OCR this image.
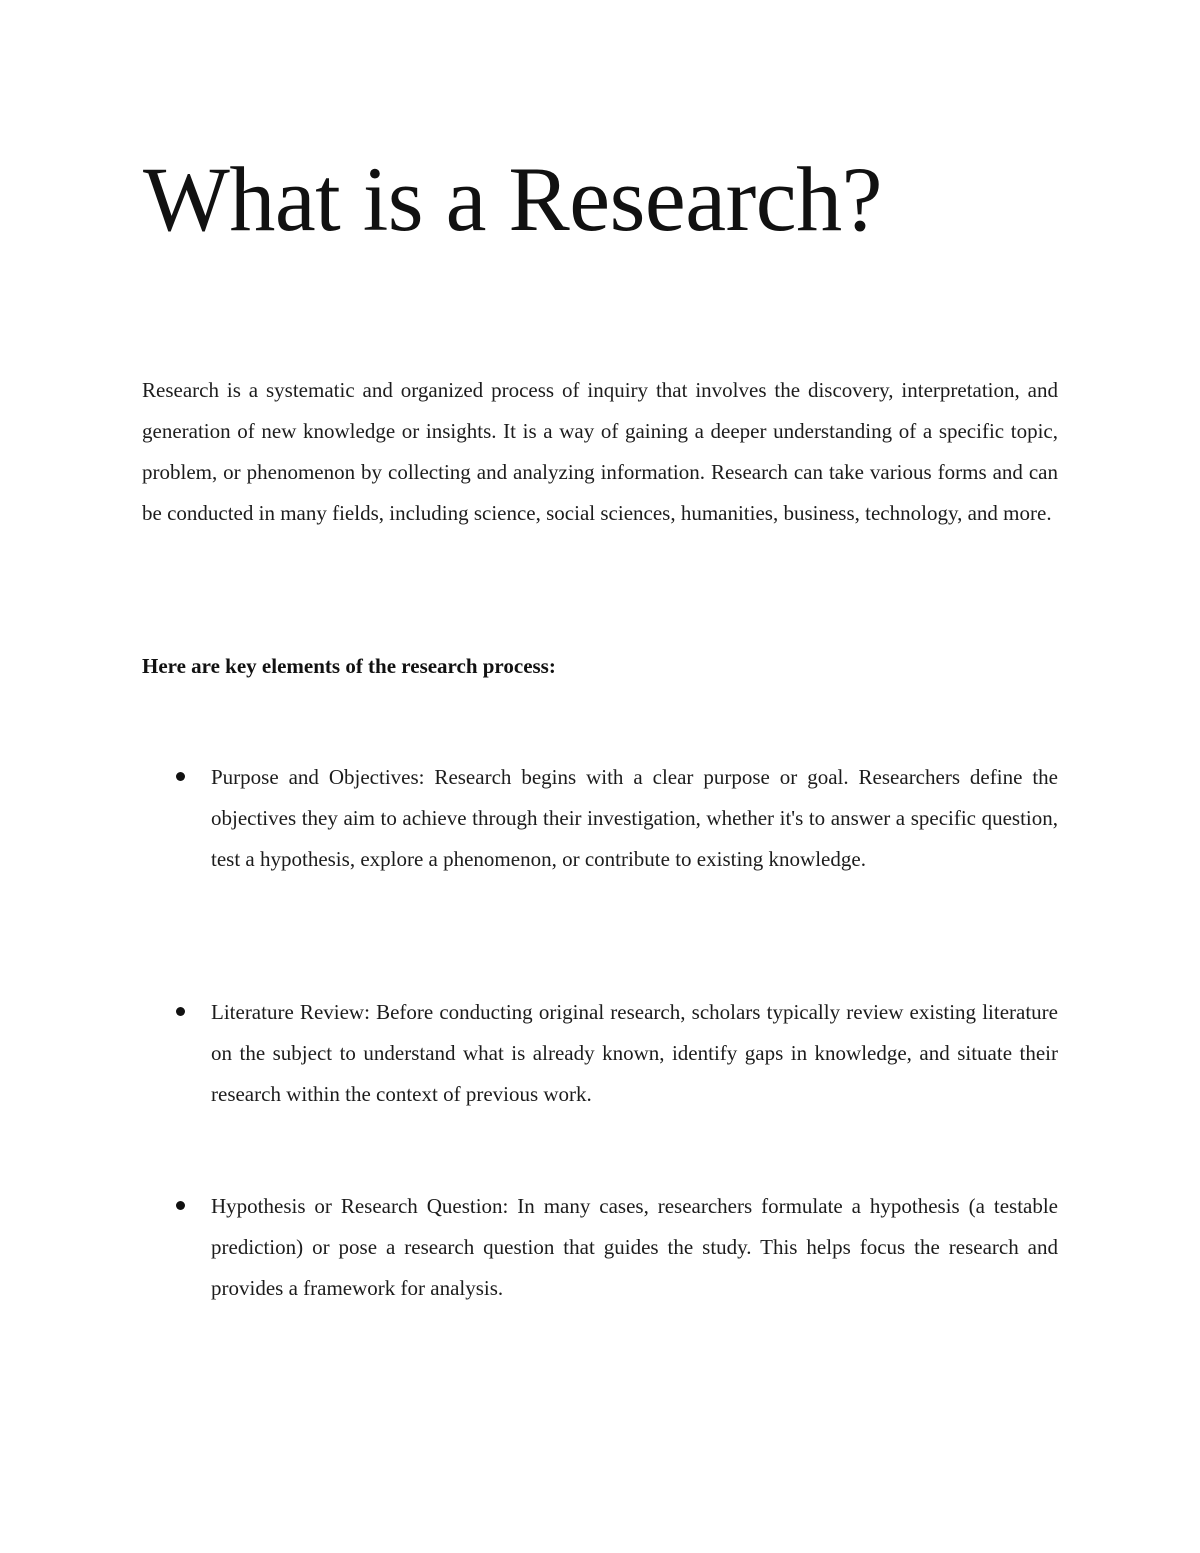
What is a Research?

Research is a systematic and organized process of inquiry that involves the discovery, interpretation, and generation of new knowledge or insights. It is a way of gaining a deeper understanding of a specific topic, problem, or phenomenon by collecting and analyzing information. Research can take various forms and can be conducted in many fields, including science, social sciences, humanities, business, technology, and more.

Here are key elements of the research process:

Purpose and Objectives: Research begins with a clear purpose or goal. Researchers define the objectives they aim to achieve through their investigation, whether it's to answer a specific question, test a hypothesis, explore a phenomenon, or contribute to existing knowledge.

Literature Review: Before conducting original research, scholars typically review existing literature on the subject to understand what is already known, identify gaps in knowledge, and situate their research within the context of previous work.

Hypothesis or Research Question: In many cases, researchers formulate a hypothesis (a testable prediction) or pose a research question that guides the study. This helps focus the research and provides a framework for analysis.
